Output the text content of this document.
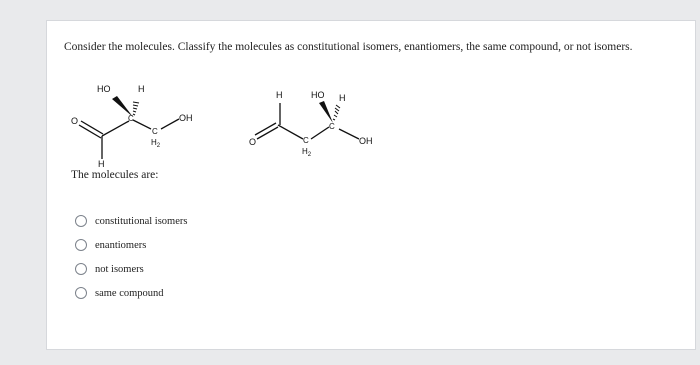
Consider the molecules. Classify the molecules as constitutional isomers, enantiomers, the same compound, or not isomers.
HO	H
C	OH
O
C
$H_2$
H
H	HO H
C
OH
O	C
$H_2$
The molecules are:
constitutional isomers
enantiomers
not isomers
same compound
